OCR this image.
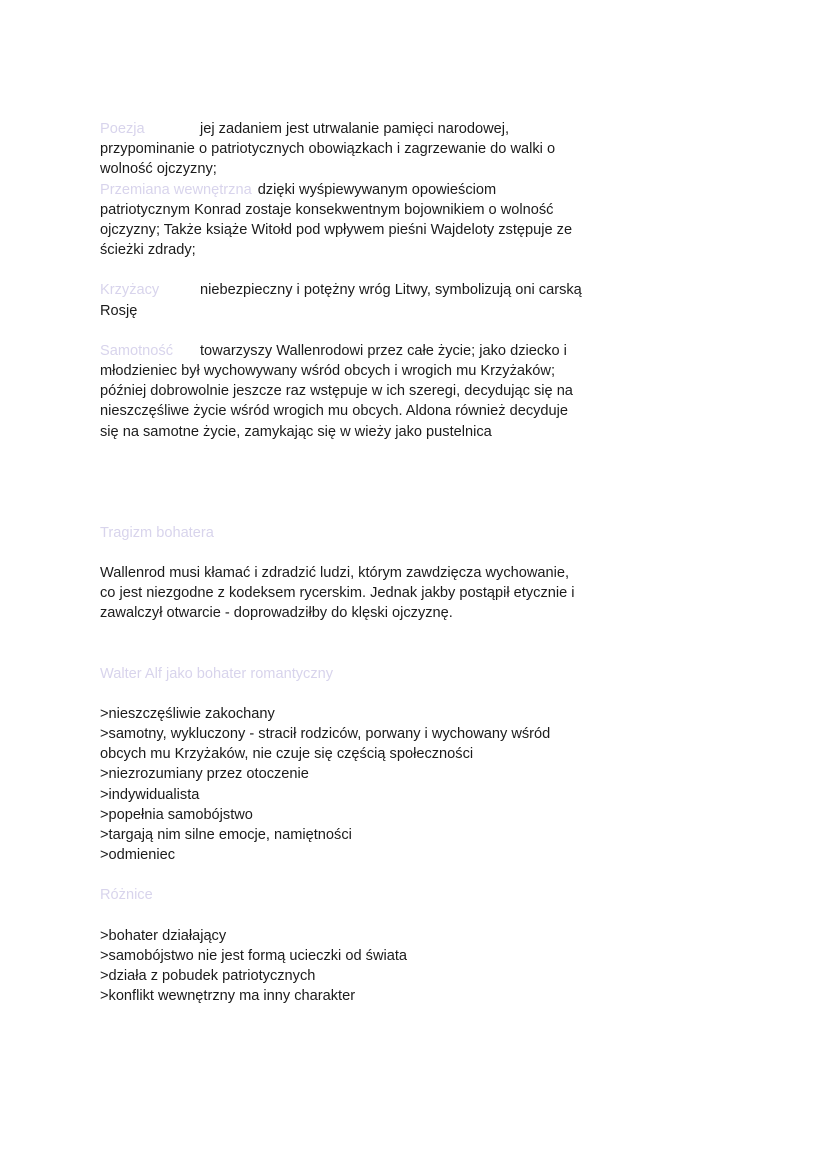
Poezja	jej zadaniem jest utrwalanie pamięci narodowej,
przypominanie o patriotycznych obowiązkach i zagrzewanie do walki o
wolność ojczyzny;
Przemiana wewnętrzna dzięki wyśpiewywanym opowieściom
patriotycznym Konrad zostaje konsekwentnym bojownikiem o wolność
ojczyzny; Także książe Witołd pod wpływem pieśni Wajdeloty zstępuje ze
ścieżki zdrady;
Krzyżacy	niebezpieczny i potężny wróg Litwy, symbolizują oni carską
Rosję
Samotność towarzyszy Wallenrodowi przez całe życie; jako dziecko i
młodzieniec był wychowywany wśród obcych i wrogich mu Krzyżaków;
później dobrowolnie jeszcze raz wstępuje w ich szeregi, decydując się na
nieszczęśliwe życie wśród wrogich mu obcych. Aldona również decyduje
się na samotne życie, zamykając się w wieży jako pustelnica
Tragizm bohatera
Wallenrod musi kłamać i zdradzić ludzi, którym zawdzięcza wychowanie,
co jest niezgodne z kodeksem rycerskim. Jednak jakby postąpił etycznie i
zawalczył otwarcie - doprowadziłby do klęski ojczyznę.
Walter Alf jako bohater romantyczny
>nieszczęśliwie zakochany
>samotny, wykluczony - stracił rodziców, porwany i wychowany wśród
obcych mu Krzyżaków, nie czuje się częścią społeczności
>niezrozumiany przez otoczenie
>indywidualista
>popełnia samobójstwo
>targają nim silne emocje, namiętności
>odmieniec
Różnice
>bohater działający
>samobójstwo nie jest formą ucieczki od świata
>działa z pobudek patriotycznych
>konflikt wewnętrzny ma inny charakter
